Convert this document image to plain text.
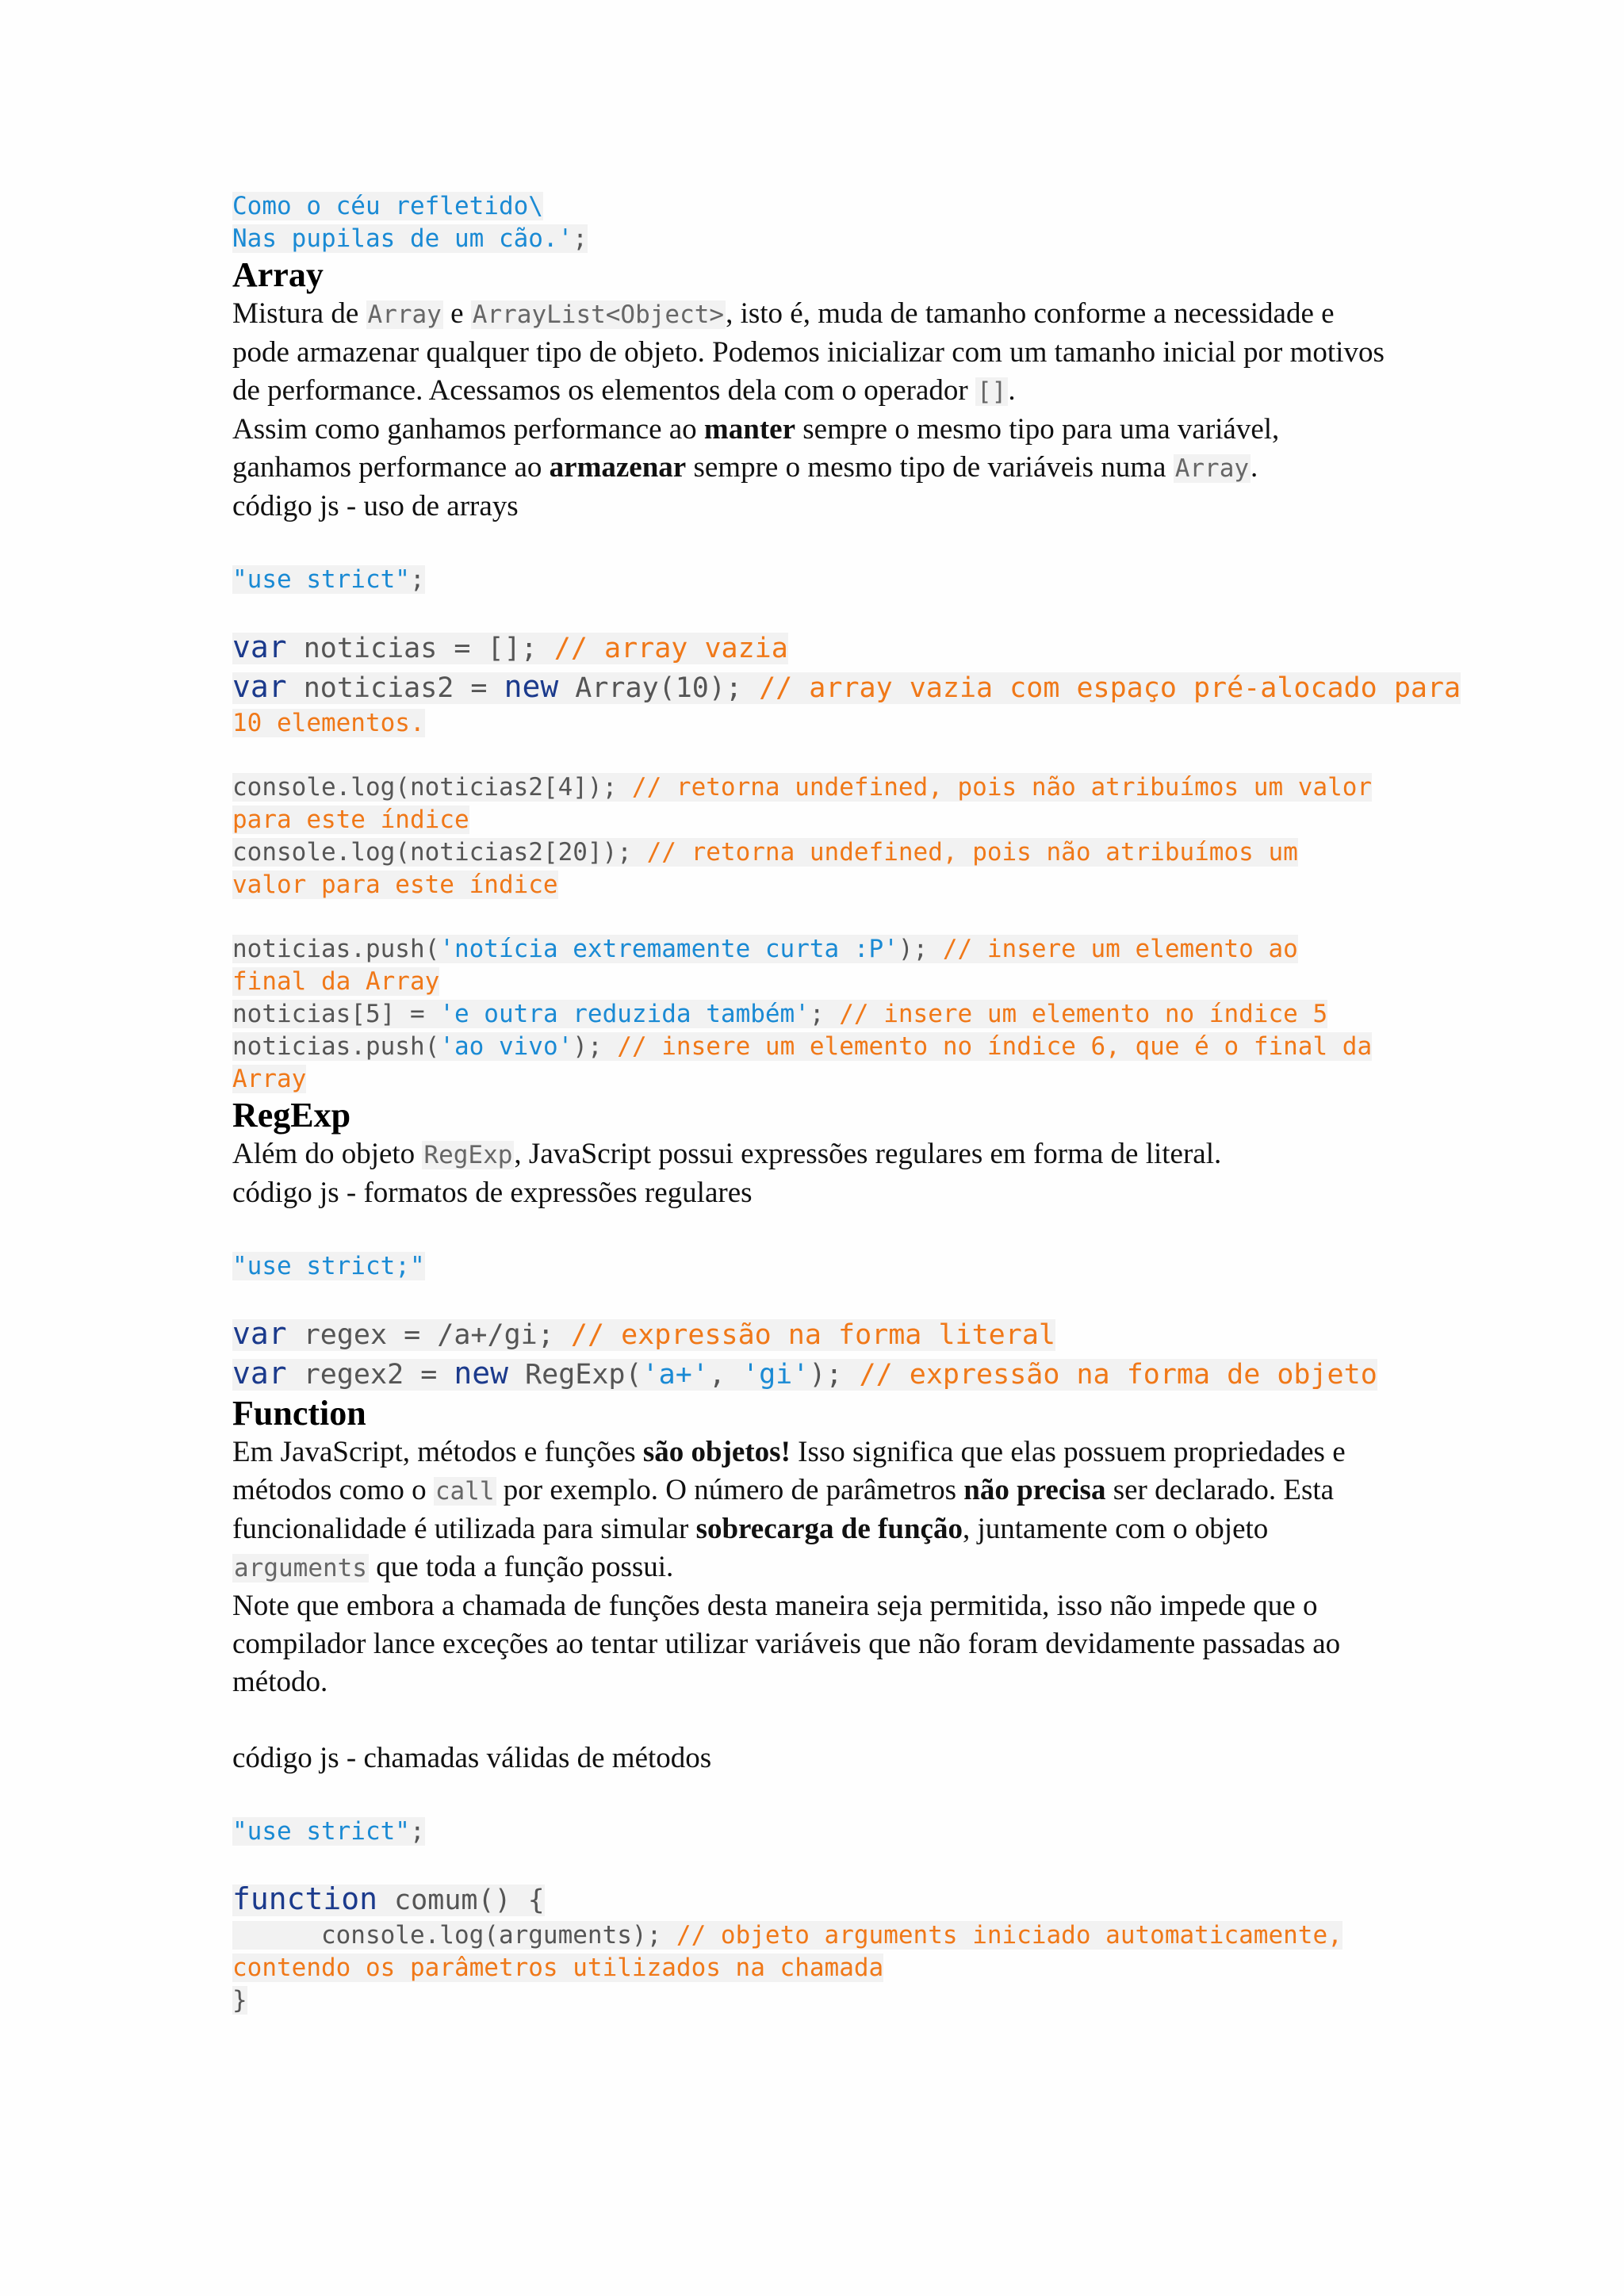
Como o céu refletido\
Nas pupilas de um cão.';
Array

Mistura de Array e ArrayList<Object>, isto é, muda de tamanho conforme a necessidade e pode armazenar qualquer tipo de objeto. Podemos inicializar com um tamanho inicial por motivos de performance. Acessamos os elementos dela com o operador [].

Assim como ganhamos performance ao manter sempre o mesmo tipo para uma variável, ganhamos performance ao armazenar sempre o mesmo tipo de variáveis numa Array.

código js - uso de arrays

"use strict";
var noticias = []; // array vazia
var noticias2 = new Array(10); // array vazia com espaço pré-alocado para
10 elementos.
console.log(noticias2[4]); // retorna undefined, pois não atribuímos um valor
para este índice
console.log(noticias2[20]); // retorna undefined, pois não atribuímos um
valor para este índice
noticias.push('notícia extremamente curta :P'); // insere um elemento ao
final da Array
noticias[5] = 'e outra reduzida também'; // insere um elemento no índice 5
noticias.push('ao vivo'); // insere um elemento no índice 6, que é o final da
Array
RegExp

Além do objeto RegExp, JavaScript possui expressões regulares em forma de literal.

código js - formatos de expressões regulares

"use strict;"
var regex = /a+/gi; // expressão na forma literal
var regex2 = new RegExp('a+', 'gi'); // expressão na forma de objeto
Function

Em JavaScript, métodos e funções são objetos! Isso significa que elas possuem propriedades e métodos como o call por exemplo. O número de parâmetros não precisa ser declarado. Esta funcionalidade é utilizada para simular sobrecarga de função, juntamente com o objeto arguments que toda a função possui.

Note que embora a chamada de funções desta maneira seja permitida, isso não impede que o compilador lance exceções ao tentar utilizar variáveis que não foram devidamente passadas ao método.

código js - chamadas válidas de métodos

"use strict";
function comum() {
console.log(arguments); // objeto arguments iniciado automaticamente,
contendo os parâmetros utilizados na chamada
}
